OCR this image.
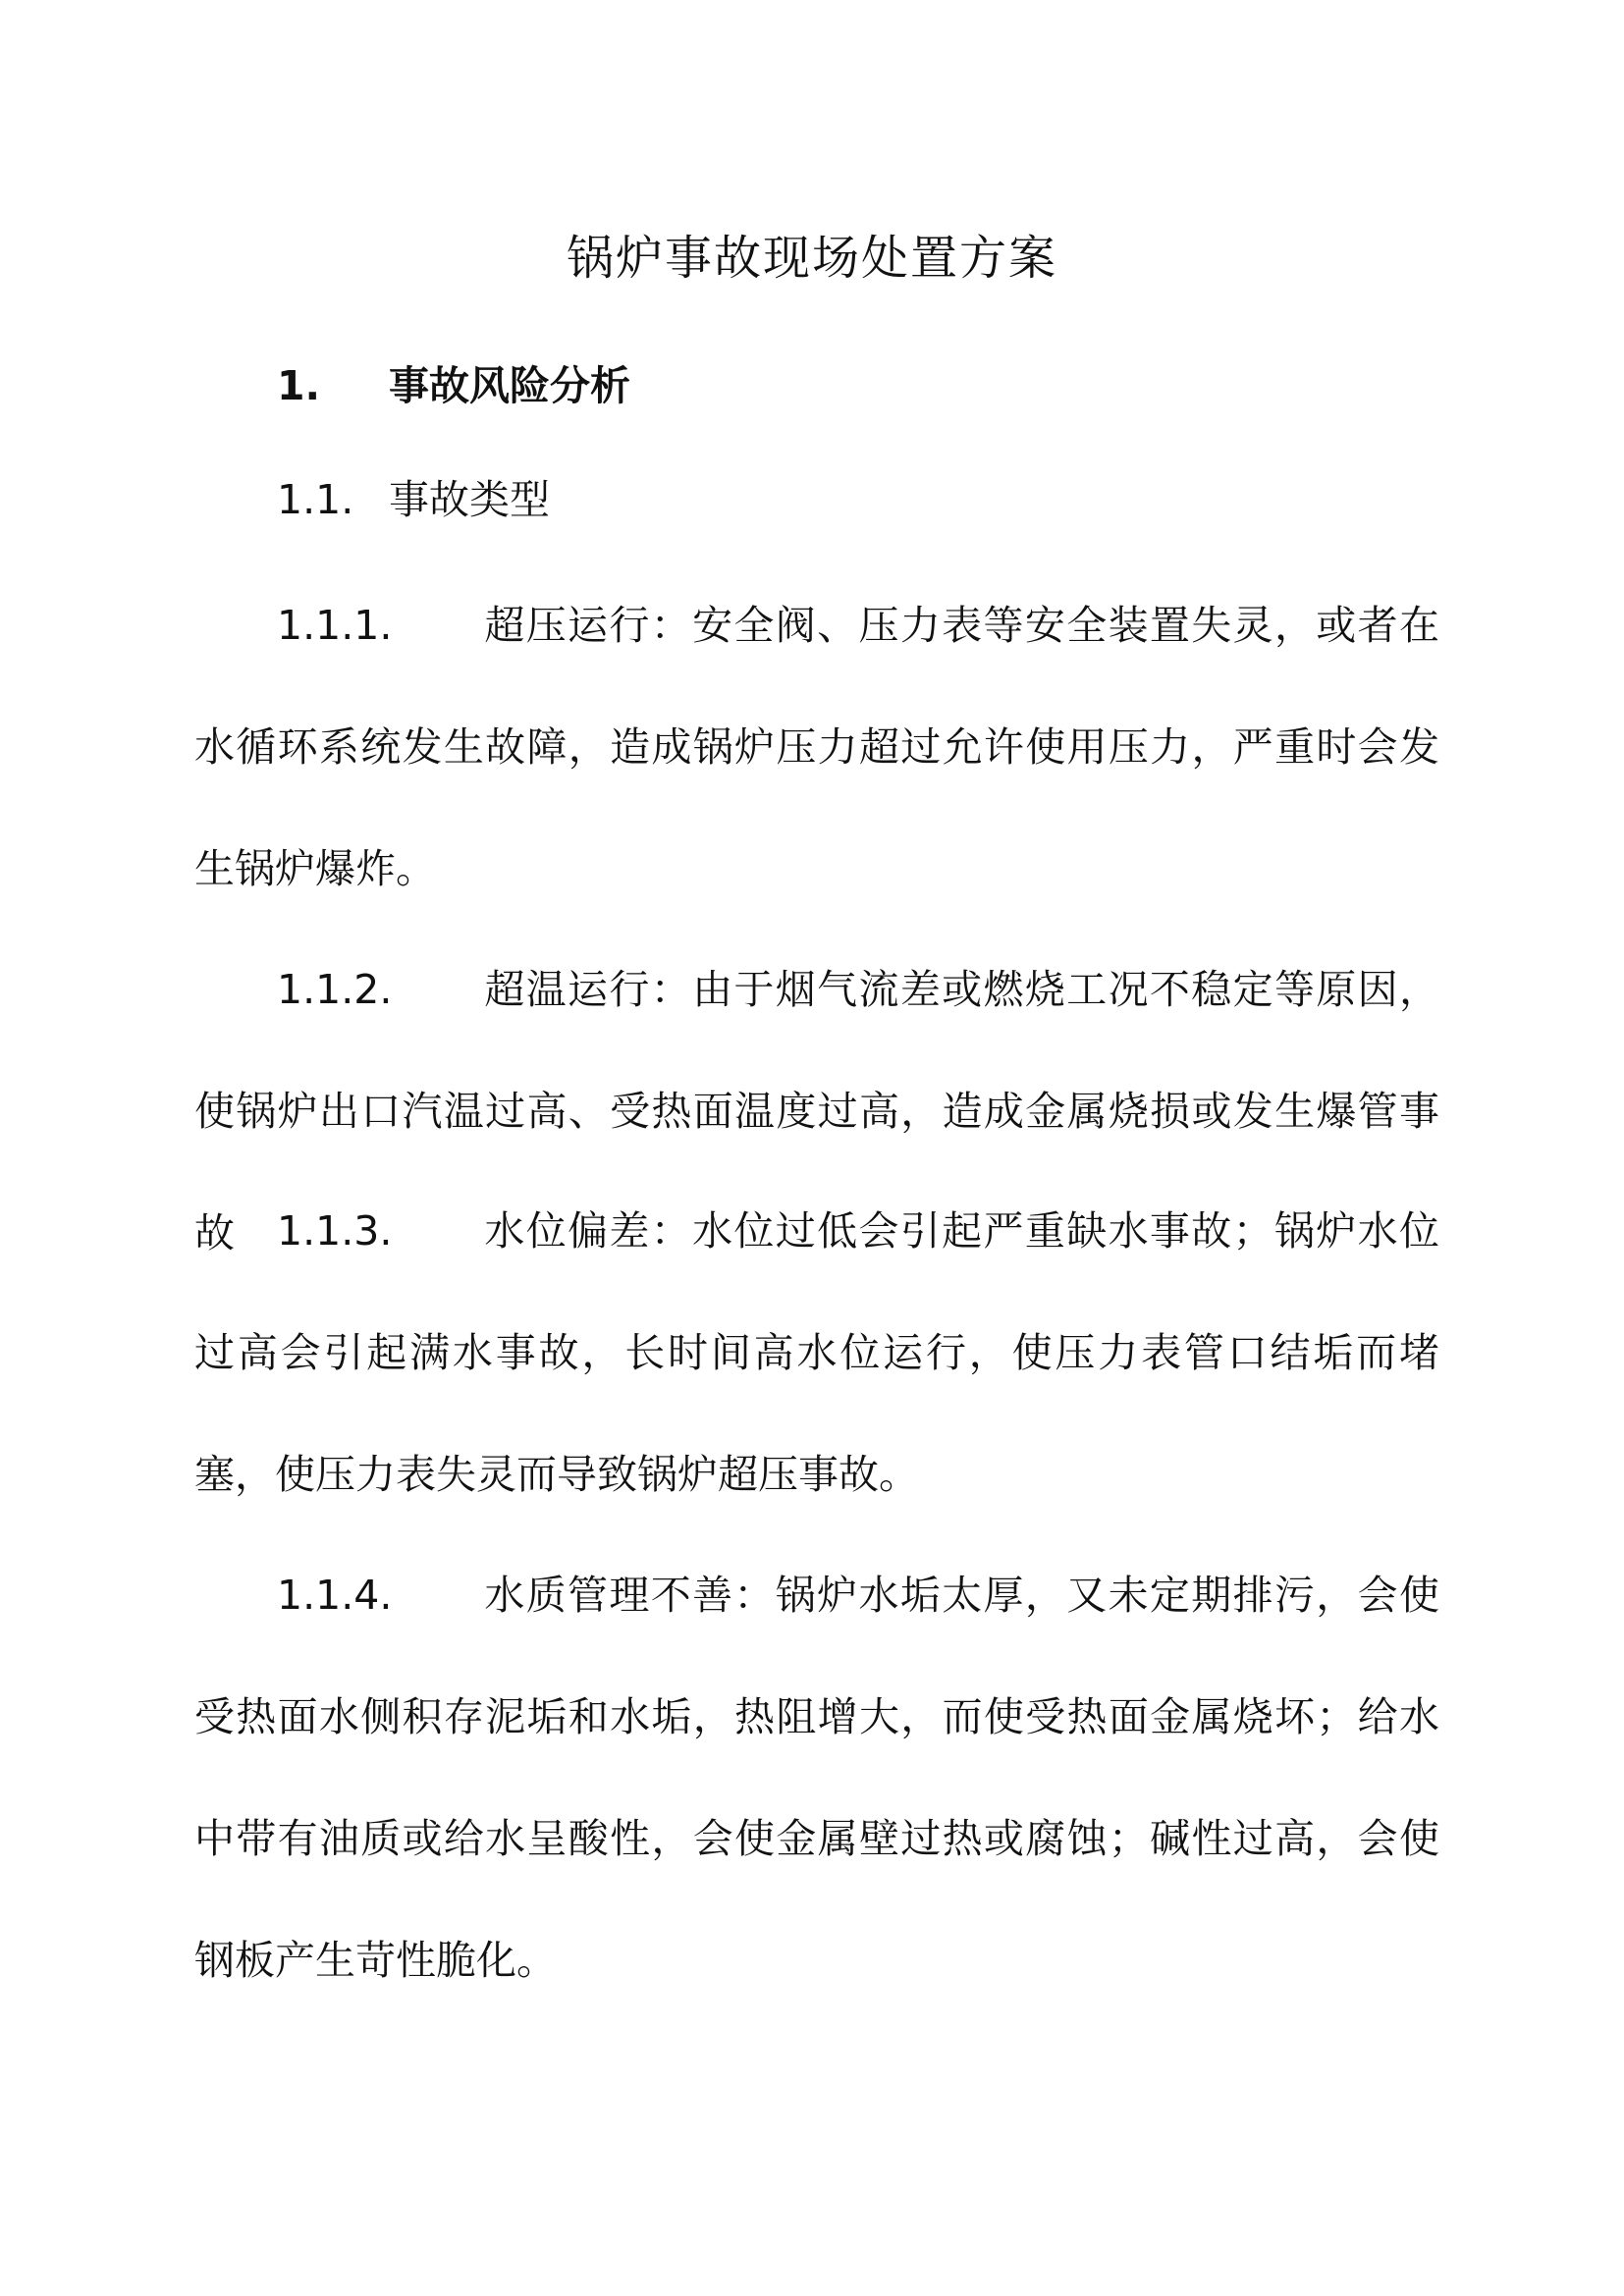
锅炉事故现场处置方案
1. 事故风险分析
1.1. 事故类型

1.1.1. 超压运行：安全阀、压力表等安全装置失灵，或者在水循环系统发生故障，造成锅炉压力超过允许使用压力，严重时会发生锅炉爆炸。

1.1.2. 超温运行：由于烟气流差或燃烧工况不稳定等原因，使锅炉出口汽温过高、受热面温度过高，造成金属烧损或发生爆管事故	1.1.3. 水位偏差：水位过低会引起严重缺水事故；锅炉水位过高会引起满水事故，长时间高水位运行，使压力表管口结垢而堵塞，使压力表失灵而导致锅炉超压事故。

1.1.4. 水质管理不善：锅炉水垢太厚，又未定期排污，会使受热面水侧积存泥垢和水垢，热阻增大，而使受热面金属烧坏；给水中带有油质或给水呈酸性，会使金属壁过热或腐蚀；碱性过高，会使钢板产生苛性脆化。
